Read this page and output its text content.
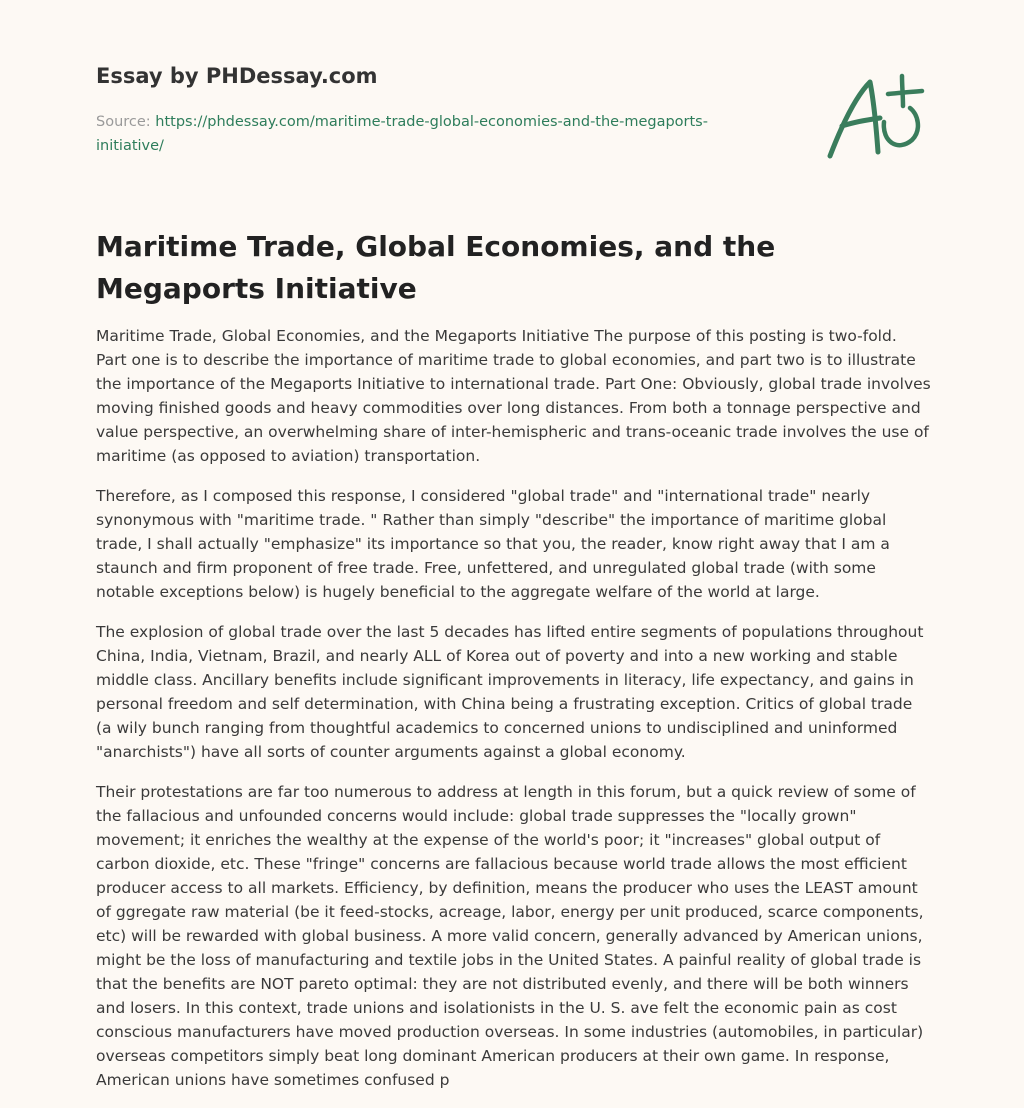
Essay by PHDessay.com
Source: https://phdessay.com/maritime-trade-global-economies-and-the-megaports-initiative/
Maritime Trade, Global Economies, and the Megaports Initiative

Maritime Trade, Global Economies, and the Megaports Initiative The purpose of this posting is two-fold. Part one is to describe the importance of maritime trade to global economies, and part two is to illustrate the importance of the Megaports Initiative to international trade. Part One: Obviously, global trade involves moving finished goods and heavy commodities over long distances. From both a tonnage perspective and value perspective, an overwhelming share of inter-hemispheric and trans-oceanic trade involves the use of maritime (as opposed to aviation) transportation.

Therefore, as I composed this response, I considered "global trade" and "international trade" nearly synonymous with "maritime trade. " Rather than simply "describe" the importance of maritime global trade, I shall actually "emphasize" its importance so that you, the reader, know right away that I am a staunch and firm proponent of free trade. Free, unfettered, and unregulated global trade (with some notable exceptions below) is hugely beneficial to the aggregate welfare of the world at large.

The explosion of global trade over the last 5 decades has lifted entire segments of populations throughout China, India, Vietnam, Brazil, and nearly ALL of Korea out of poverty and into a new working and stable middle class. Ancillary benefits include significant improvements in literacy, life expectancy, and gains in personal freedom and self determination, with China being a frustrating exception. Critics of global trade (a wily bunch ranging from thoughtful academics to concerned unions to undisciplined and uninformed "anarchists") have all sorts of counter arguments against a global economy.

Their protestations are far too numerous to address at length in this forum, but a quick review of some of the fallacious and unfounded concerns would include: global trade suppresses the "locally grown" movement; it enriches the wealthy at the expense of the world's poor; it "increases" global output of carbon dioxide, etc. These "fringe" concerns are fallacious because world trade allows the most efficient producer access to all markets. Efficiency, by definition, means the producer who uses the LEAST amount of ggregate raw material (be it feed-stocks, acreage, labor, energy per unit produced, scarce components, etc) will be rewarded with global business. A more valid concern, generally advanced by American unions, might be the loss of manufacturing and textile jobs in the United States. A painful reality of global trade is that the benefits are NOT pareto optimal: they are not distributed evenly, and there will be both winners and losers. In this context, trade unions and isolationists in the U. S. ave felt the economic pain as cost conscious manufacturers have moved production overseas. In some industries (automobiles, in particular) overseas competitors simply beat long dominant American producers at their own game. In response, American unions have sometimes confused p
